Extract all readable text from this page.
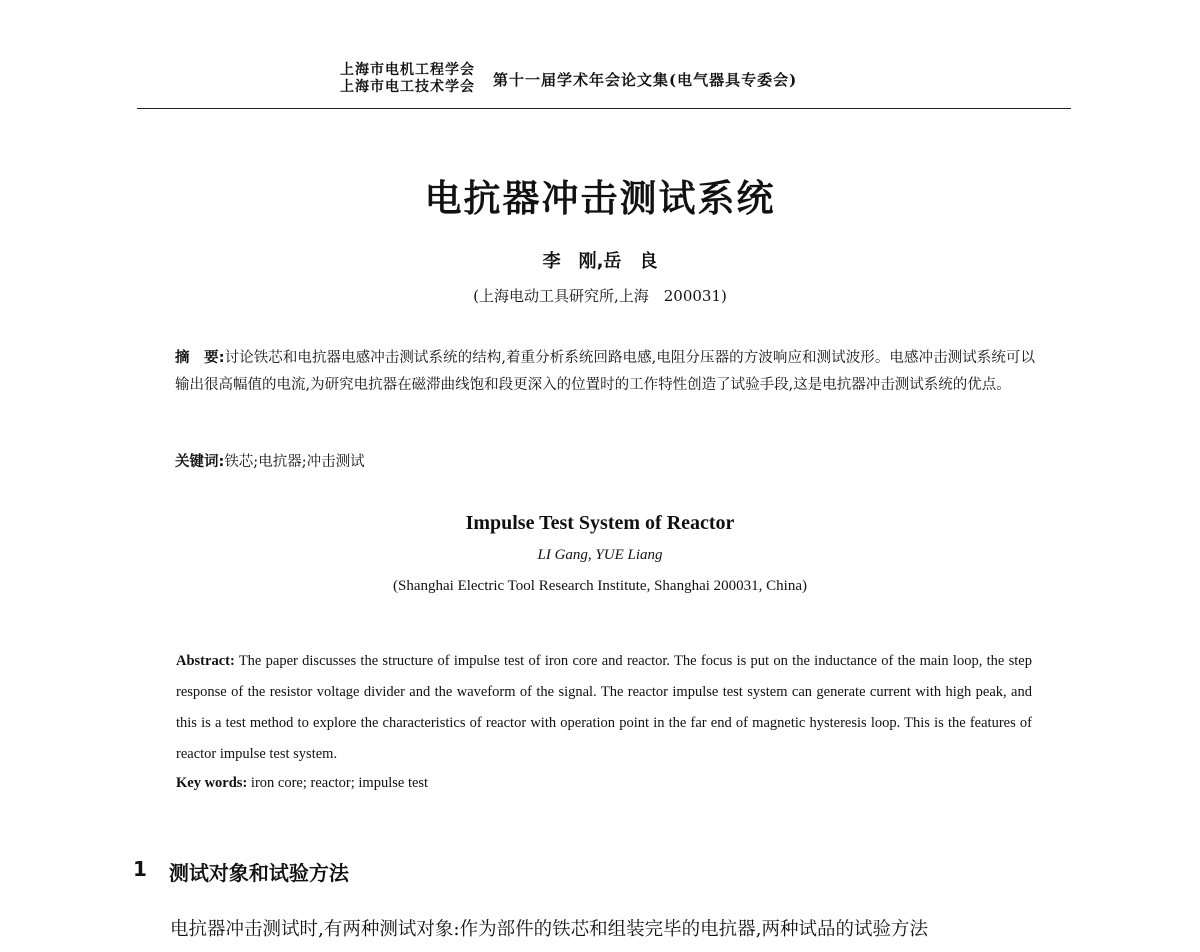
上海市电机工程学会
上海市电工技术学会 第十一届学术年会论文集(电气器具专委会)
电抗器冲击测试系统
李　刚,岳　良
(上海电动工具研究所,上海　200031)
摘　要:讨论铁芯和电抗器电感冲击测试系统的结构,着重分析系统回路电感,电阻分压器的方波响应和测试波形。电感冲击测试系统可以输出很高幅值的电流,为研究电抗器在磁滞曲线饱和段更深入的位置时的工作特性创造了试验手段,这是电抗器冲击测试系统的优点。
关键词:铁芯;电抗器;冲击测试
Impulse Test System of Reactor
LI Gang, YUE Liang
(Shanghai Electric Tool Research Institute, Shanghai 200031, China)
Abstract: The paper discusses the structure of impulse test of iron core and reactor. The focus is put on the inductance of the main loop, the step response of the resistor voltage divider and the waveform of the signal. The reactor impulse test system can generate current with high peak, and this is a test method to explore the characteristics of reactor with operation point in the far end of magnetic hysteresis loop. This is the features of reactor impulse test system.
Key words: iron core; reactor; impulse test
1 测试对象和试验方法
电抗器冲击测试时,有两种测试对象:作为部件的铁芯和组装完毕的电抗器,两种试品的试验方法
